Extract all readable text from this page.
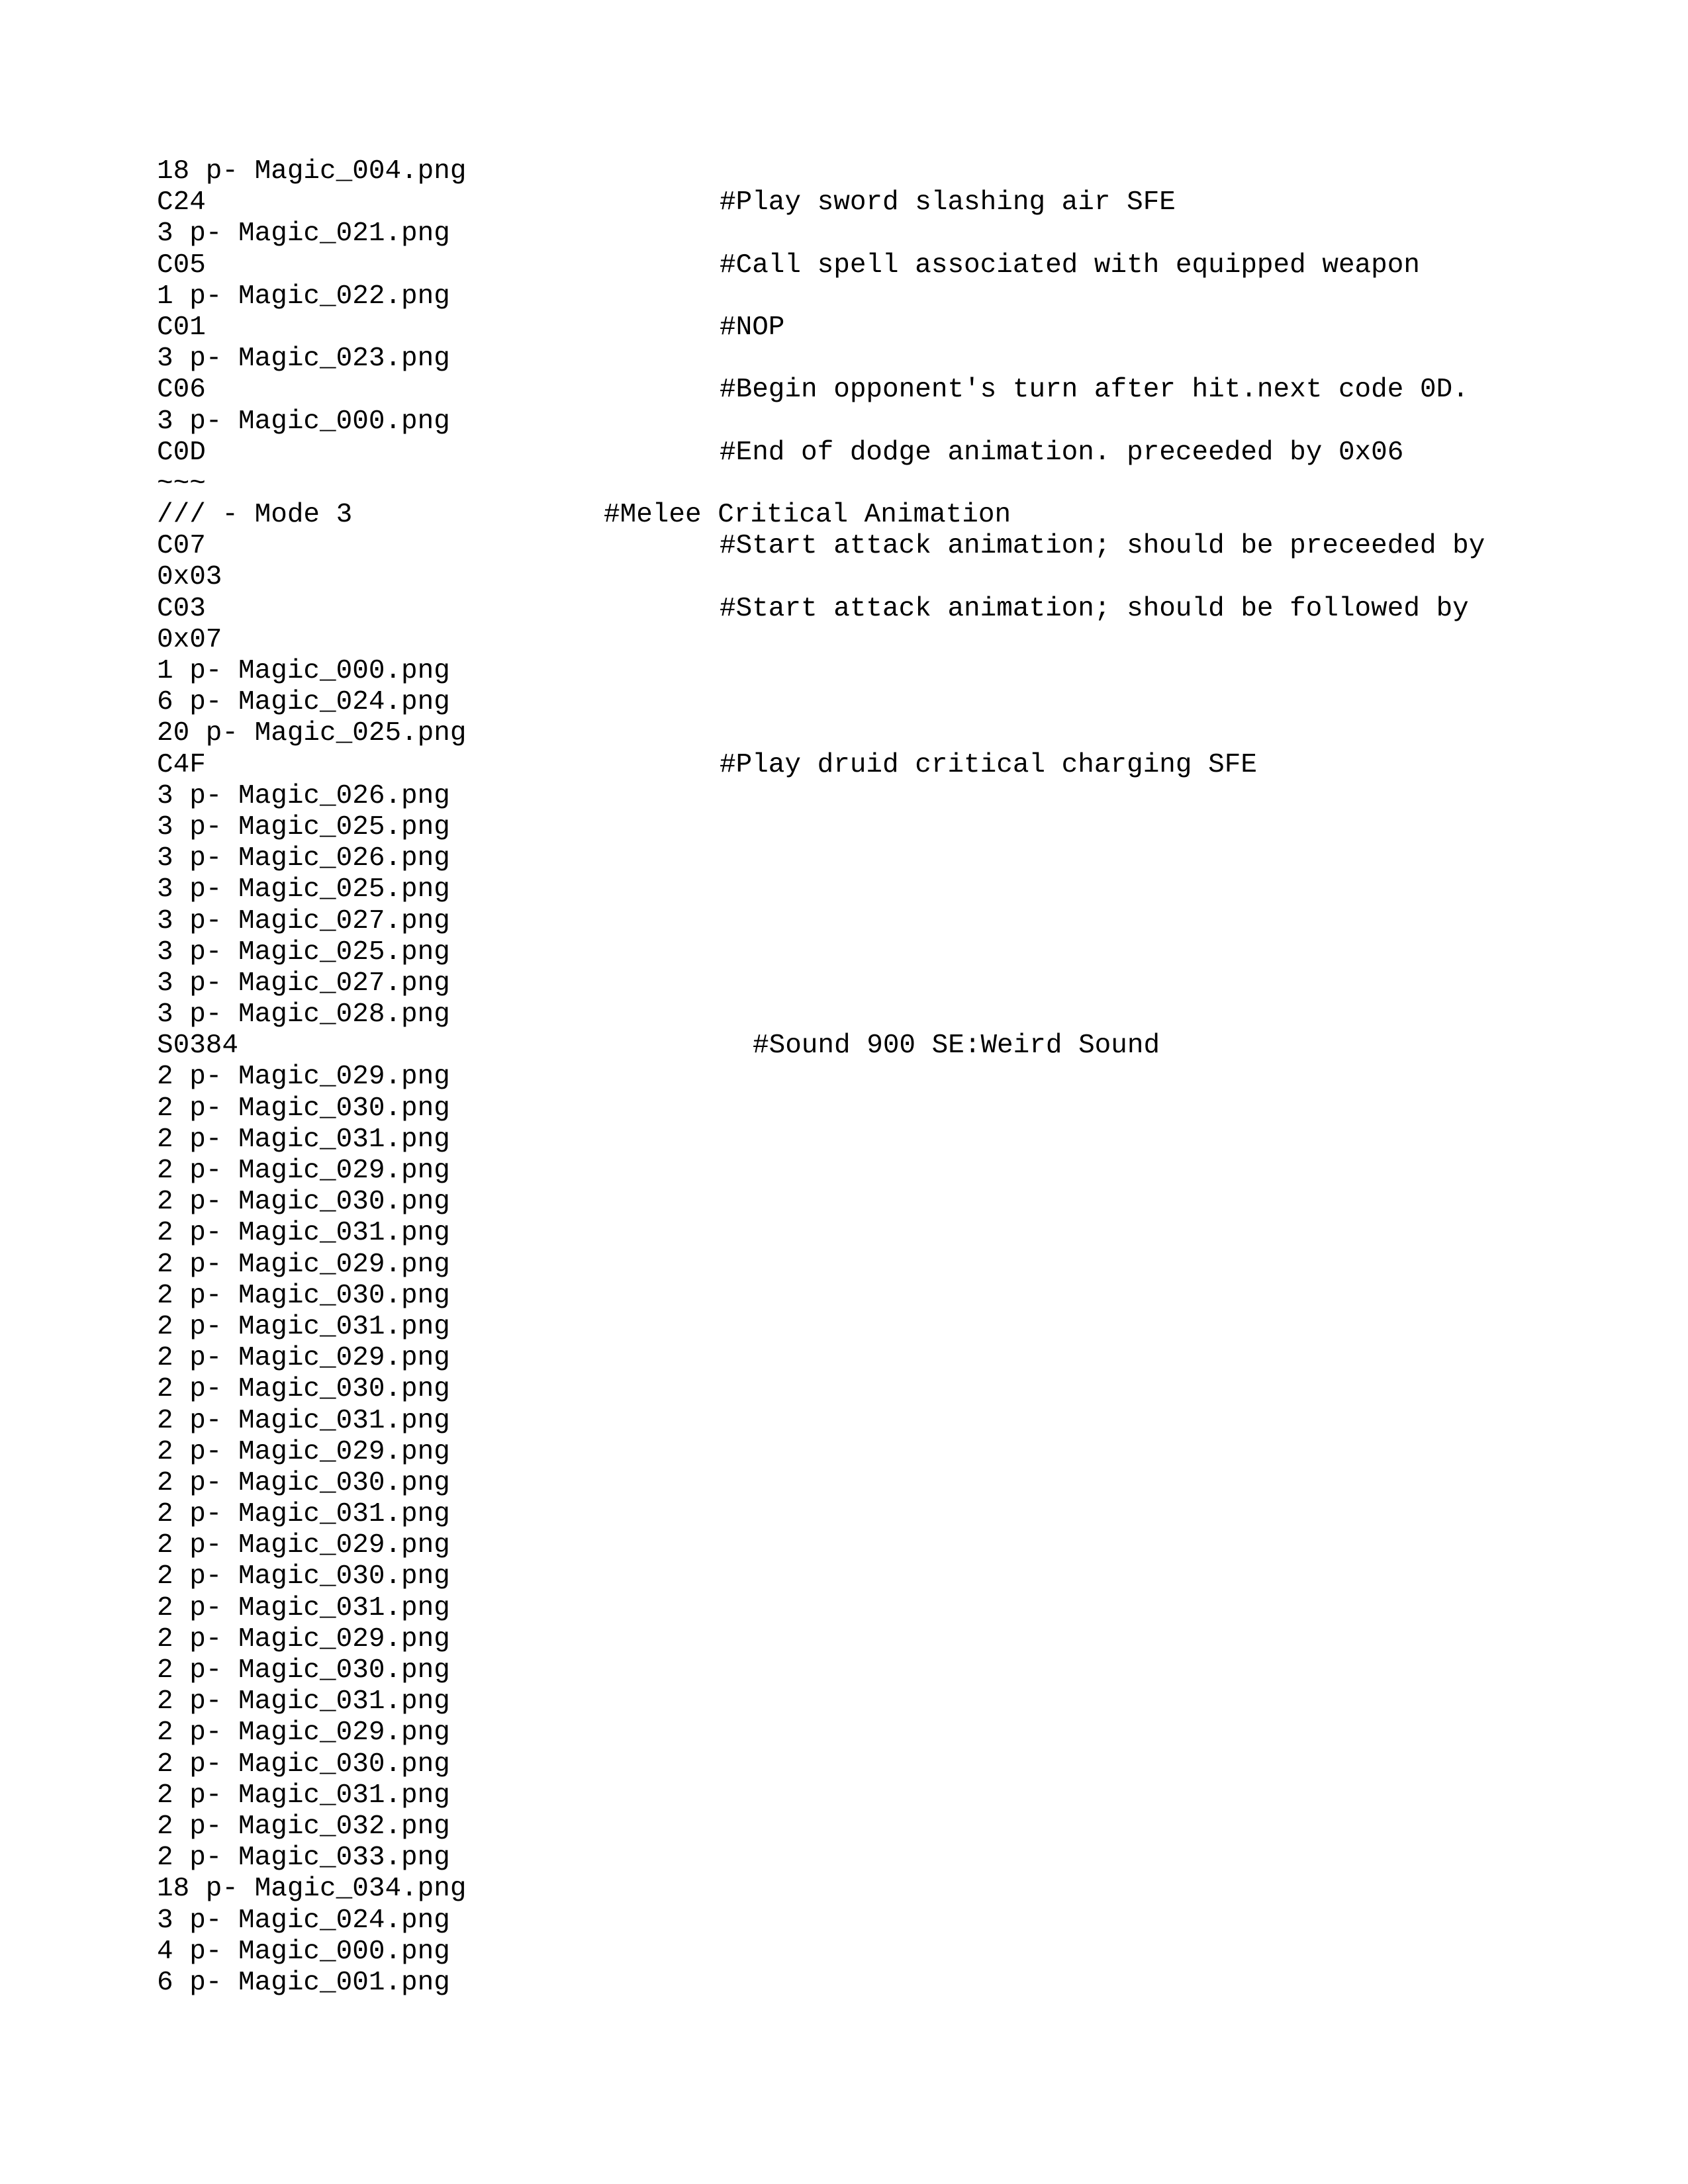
18 p- Magic_004.png
C24	#Play sword slashing air SFE
3 p- Magic_021.png
C05	#Call spell associated with equipped weapon
1 p- Magic_022.png
C01	#NOP
3 p- Magic_023.png
C06	#Begin opponent's turn after hit.next code 0D.
3 p- Magic_000.png
C0D	#End of dodge animation. preceeded by 0x06
~~~
/// - Mode 3	#Melee Critical Animation
C07	#Start attack animation; should be preceeded by
0x03
C03	#Start attack animation; should be followed by
0x07
1 p- Magic_000.png
6 p- Magic_024.png
20 p- Magic_025.png
C4F	#Play druid critical charging SFE
3 p- Magic_026.png
3 p- Magic_025.png
3 p- Magic_026.png
3 p- Magic_025.png
3 p- Magic_027.png
3 p- Magic_025.png
3 p- Magic_027.png
3 p- Magic_028.png
S0384	#Sound 900 SE:Weird Sound
2 p- Magic_029.png
2 p- Magic_030.png
2 p- Magic_031.png
2 p- Magic_029.png
2 p- Magic_030.png
2 p- Magic_031.png
2 p- Magic_029.png
2 p- Magic_030.png
2 p- Magic_031.png
2 p- Magic_029.png
2 p- Magic_030.png
2 p- Magic_031.png
2 p- Magic_029.png
2 p- Magic_030.png
2 p- Magic_031.png
2 p- Magic_029.png
2 p- Magic_030.png
2 p- Magic_031.png
2 p- Magic_029.png
2 p- Magic_030.png
2 p- Magic_031.png
2 p- Magic_029.png
2 p- Magic_030.png
2 p- Magic_031.png
2 p- Magic_032.png
2 p- Magic_033.png
18 p- Magic_034.png
3 p- Magic_024.png
4 p- Magic_000.png
6 p- Magic_001.png
